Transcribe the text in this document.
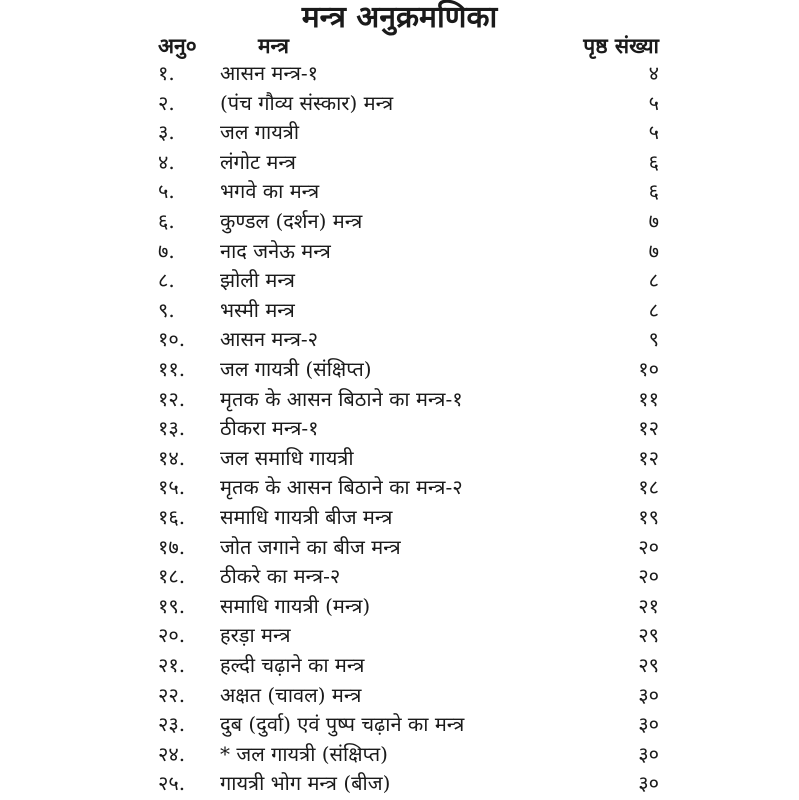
मन्त्र अनुक्रमणिका
अनु०	मन्त्र	पृष्ठ संख्या
१. आसन मन्त्र-१	४
२. (पंच गौव्य संस्कार) मन्त्र	५
३. जल गायत्री	५
४. लंगोट मन्त्र	६
५. भगवे का मन्त्र	६
६. कुण्डल (दर्शन) मन्त्र	७
७. नाद जनेऊ मन्त्र	७
८. झोली मन्त्र	८
९. भस्मी मन्त्र	८
१०. आसन मन्त्र-२	९
११. जल गायत्री (संक्षिप्त)	१०
१२. मृतक के आसन बिठाने का मन्त्र-१	११
१३. ठीकरा मन्त्र-१	१२
१४. जल समाधि गायत्री	१२
१५. मृतक के आसन बिठाने का मन्त्र-२	१८
१६. समाधि गायत्री बीज मन्त्र	१९
१७. जोत जगाने का बीज मन्त्र	२०
१८. ठीकरे का मन्त्र-२	२०
१९. समाधि गायत्री (मन्त्र)	२१
२०. हरड़ा मन्त्र	२९
२१. हल्दी चढ़ाने का मन्त्र	२९
२२. अक्षत (चावल) मन्त्र	३०
२३. दुब (दुर्वा) एवं पुष्प चढ़ाने का मन्त्र	३०
२४. * जल गायत्री (संक्षिप्त)	३०
२५. गायत्री भोग मन्त्र (बीज)	३०
